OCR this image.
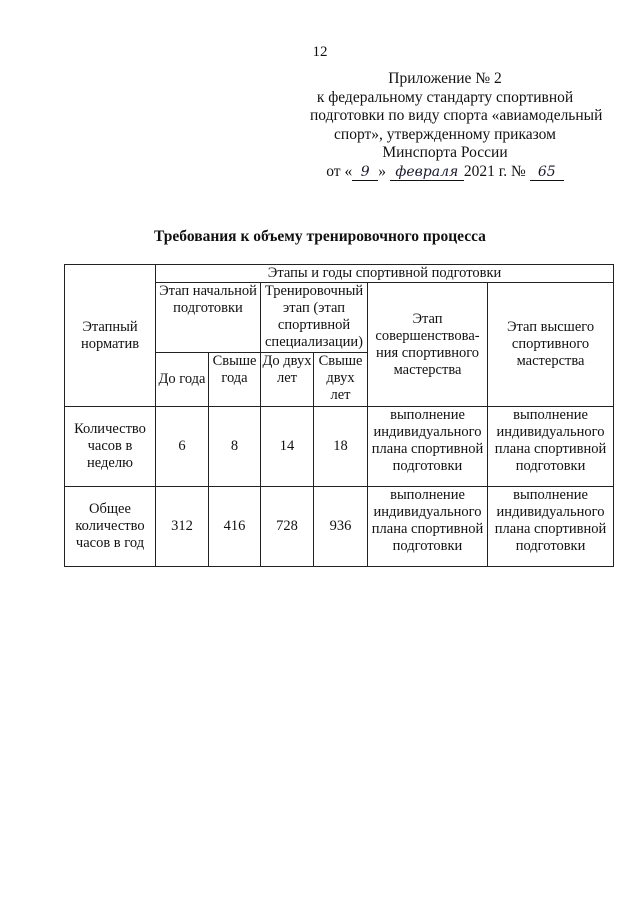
12
Приложение № 2
к федеральному стандарту спортивной
подготовки по виду спорта «авиамодельный
спорт», утвержденному приказом
Минспорта России
от « 9 » февраля 2021 г. № 65
Требования к объему тренировочного процесса
Этапный норматив	Этапы и годы спортивной подготовки					
	Этап начальной подготовки		Тренировочный этап (этап спортивной специализации)		Этап совершенствова-ния спортивного мастерства	Этап высшего спортивного мастерства
	До года	Свыше года	До двух лет	Свыше двух лет		
Количество часов в неделю	6	8	14	18	выполнение индивидуального плана спортивной подготовки	выполнение индивидуального плана спортивной подготовки
Общее количество часов в год	312	416	728	936	выполнение индивидуального плана спортивной подготовки	выполнение индивидуального плана спортивной подготовки
